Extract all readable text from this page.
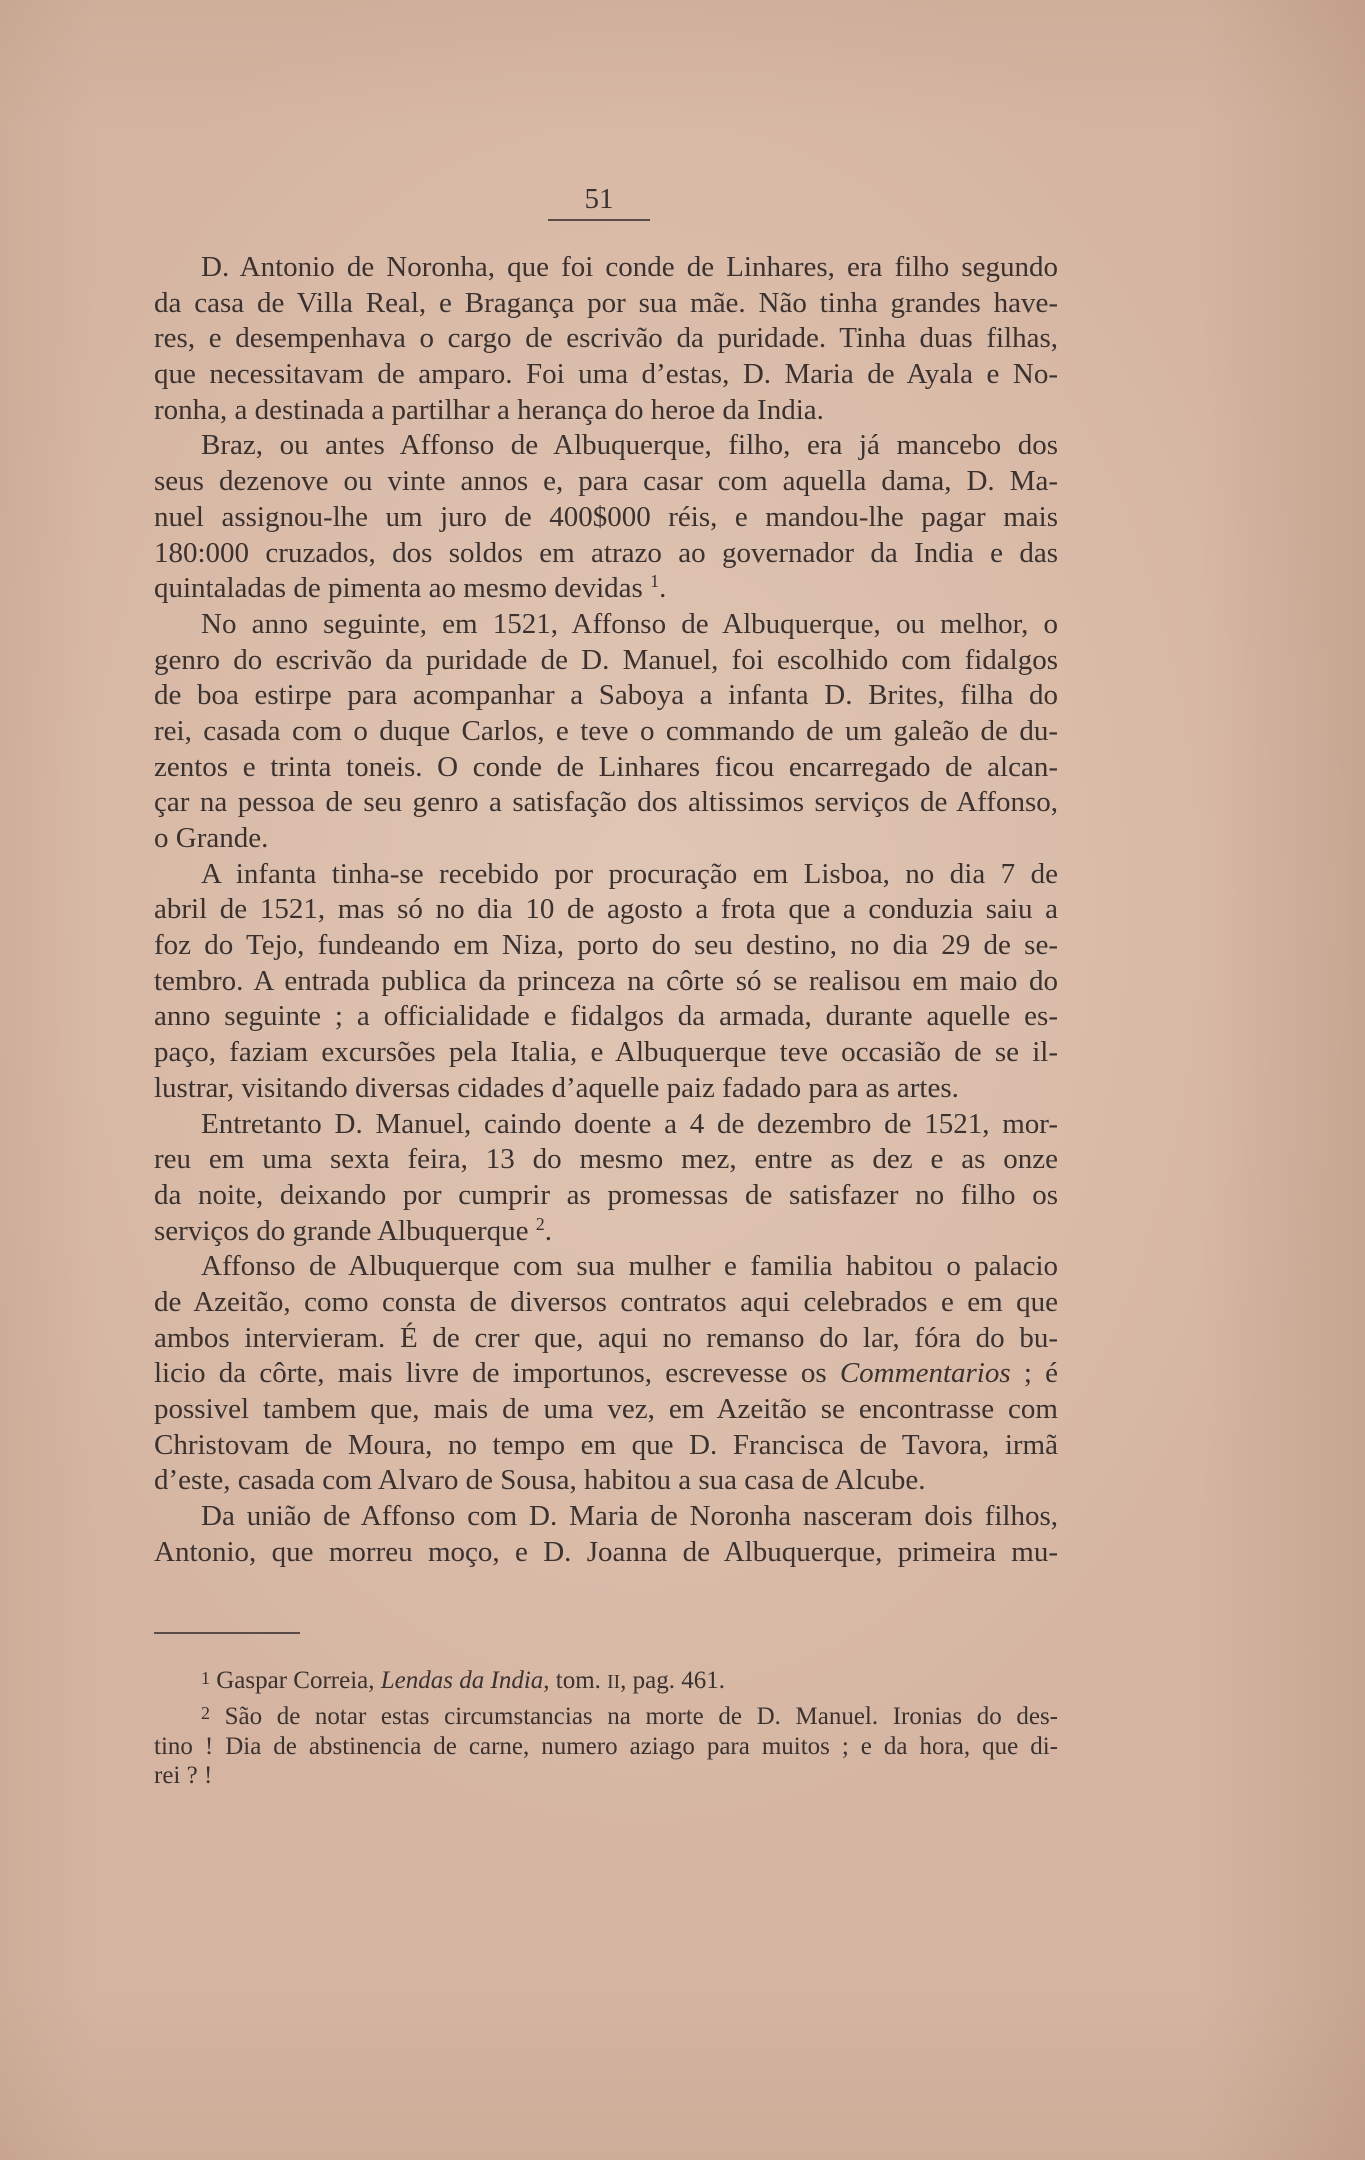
51
D. Antonio de Noronha, que foi conde de Linhares, era filho segundo
da casa de Villa Real, e Bragança por sua mãe. Não tinha grandes have-
res, e desempenhava o cargo de escrivão da puridade. Tinha duas filhas,
que necessitavam de amparo. Foi uma d’estas, D. Maria de Ayala e No-
ronha, a destinada a partilhar a herança do heroe da India.
Braz, ou antes Affonso de Albuquerque, filho, era já mancebo dos
seus dezenove ou vinte annos e, para casar com aquella dama, D. Ma-
nuel assignou-lhe um juro de 400$000 réis, e mandou-lhe pagar mais
180:000 cruzados, dos soldos em atrazo ao governador da India e das
quintaladas de pimenta ao mesmo devidas $^1$.
No anno seguinte, em 1521, Affonso de Albuquerque, ou melhor, o
genro do escrivão da puridade de D. Manuel, foi escolhido com fidalgos
de boa estirpe para acompanhar a Saboya a infanta D. Brites, filha do
rei, casada com o duque Carlos, e teve o commando de um galeão de du-
zentos e trinta toneis. O conde de Linhares ficou encarregado de alcan-
çar na pessoa de seu genro a satisfação dos altissimos serviços de Affonso,
o Grande.
A infanta tinha-se recebido por procuração em Lisboa, no dia 7 de
abril de 1521, mas só no dia 10 de agosto a frota que a conduzia saiu a
foz do Tejo, fundeando em Niza, porto do seu destino, no dia 29 de se-
tembro. A entrada publica da princeza na côrte só se realisou em maio do
anno seguinte ; a officialidade e fidalgos da armada, durante aquelle es-
paço, faziam excursões pela Italia, e Albuquerque teve occasião de se il-
lustrar, visitando diversas cidades d’aquelle paiz fadado para as artes.
Entretanto D. Manuel, caindo doente a 4 de dezembro de 1521, mor-
reu em uma sexta feira, 13 do mesmo mez, entre as dez e as onze
da noite, deixando por cumprir as promessas de satisfazer no filho os
serviços do grande Albuquerque $^2$.
Affonso de Albuquerque com sua mulher e familia habitou o palacio
de Azeitão, como consta de diversos contratos aqui celebrados e em que
ambos intervieram. É de crer que, aqui no remanso do lar, fóra do bu-
licio da côrte, mais livre de importunos, escrevesse os Commentarios ; é
possivel tambem que, mais de uma vez, em Azeitão se encontrasse com
Christovam de Moura, no tempo em que D. Francisca de Tavora, irmã
d’este, casada com Alvaro de Sousa, habitou a sua casa de Alcube.
Da união de Affonso com D. Maria de Noronha nasceram dois filhos,
Antonio, que morreu moço, e D. Joanna de Albuquerque, primeira mu-
1 Gaspar Correia, Lendas da India, tom. II, pag. 461.
2 São de notar estas circumstancias na morte de D. Manuel. Ironias do des-
tino ! Dia de abstinencia de carne, numero aziago para muitos ; e da hora, que di-
rei ? !
